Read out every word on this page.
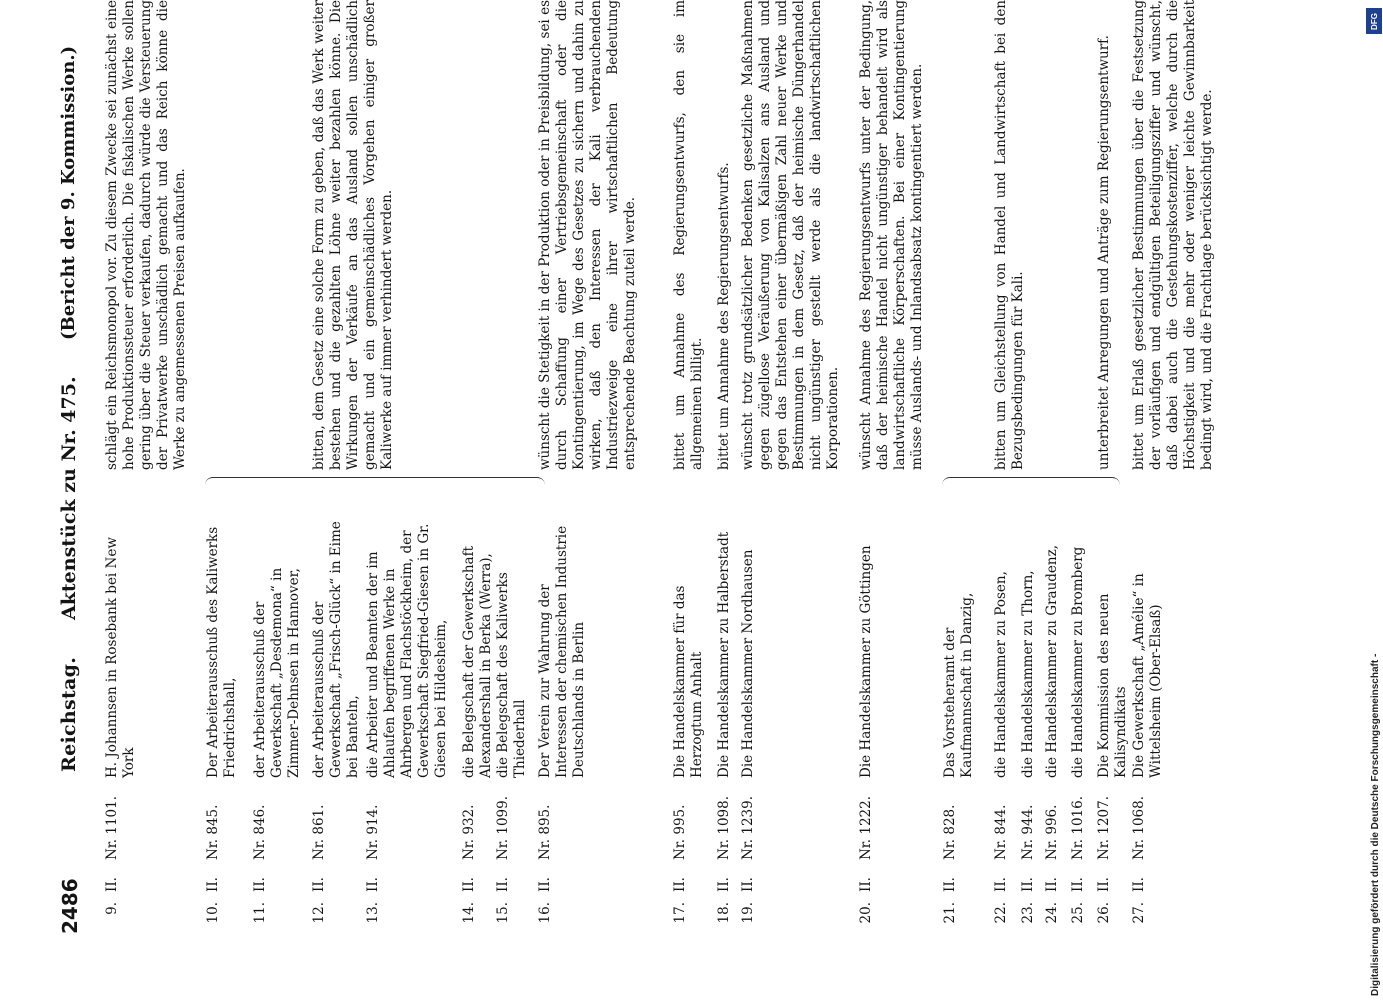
2486
Reichstag.
Aktenstück zu Nr. 475.
(Bericht der 9. Kommission.)
9.
II.
Nr. 1101.
H. Johannsen in Rosebank bei New York
schlägt ein Reichsmonopol vor. Zu diesem Zwecke sei zunächst eine hohe Produktionssteuer erforderlich. Die fiskalischen Werke sollen gering über die Steuer verkaufen, dadurch würde die Versteuerung der Privatwerke unschädlich gemacht und das Reich könne die Werke zu angemessenen Preisen aufkaufen.
10.
II.
Nr. 845.
Der Arbeiterausschuß des Kaliwerks Friedrichshall,
11.
II.
Nr. 846.
der Arbeiterausschuß der Gewerkschaft „Desdemona“ in Zimmer-Dehnsen in Hannover,
12.
II.
Nr. 861.
der Arbeiterausschuß der Gewerkschaft „Frisch-Glück“ in Eime bei Banteln,
bitten, dem Gesetz eine solche Form zu geben, daß das Werk weiter bestehen und die gezahlten Löhne weiter bezahlen könne. Die Wirkungen der Verkäufe an das Ausland sollen unschädlich gemacht und ein gemeinschädliches Vorgehen einiger großer Kaliwerke auf immer verhindert werden.
13.
II.
Nr. 914.
die Arbeiter und Beamten der im Ahlaufen begriffenen Werke in Ahrbergen und Flachstöckheim, der Gewerkschaft Siegfried-Giesen in Gr. Giesen bei Hildesheim,
14.
II.
Nr. 932.
die Belegschaft der Gewerkschaft Alexandershall in Berka (Werra),
15.
II.
Nr. 1099.
die Belegschaft des Kaliwerks Thiederhall
16.
II.
Nr. 895.
Der Verein zur Wahrung der Interessen der chemischen Industrie Deutschlands in Berlin
wünscht die Stetigkeit in der Produktion oder in Preisbildung, sei es durch Schaffung einer Vertriebsgemeinschaft oder die Kontingentierung, im Wege des Gesetzes zu sichern und dahin zu wirken, daß den Interessen der Kali verbrauchenden Industriezweige eine ihrer wirtschaftlichen Bedeutung entsprechende Beachtung zuteil werde.
17.
II.
Nr. 995.
Die Handelskammer für das Herzogtum Anhalt
bittet um Annahme des Regierungsentwurfs, den sie im allgemeinen billigt.
18.
II.
Nr. 1098.
Die Handelskammer zu Halberstadt
bittet um Annahme des Regierungsentwurfs.
19.
II.
Nr. 1239.
Die Handelskammer Nordhausen
wünscht trotz grundsätzlicher Bedenken gesetzliche Maßnahmen gegen zügellose Veräußerung von Kalisalzen ans Ausland und gegen das Entstehen einer übermäßigen Zahl neuer Werke und Bestimmungen in dem Gesetz, daß der heimische Düngerhandel nicht ungünstiger gestellt werde als die landwirtschaftlichen Korporationen.
20.
II.
Nr. 1222.
Die Handelskammer zu Göttingen
wünscht Annahme des Regierungsentwurfs unter der Bedingung, daß der heimische Handel nicht ungünstiger behandelt wird als landwirtschaftliche Körperschaften. Bei einer Kontingentierung müsse Auslands- und Inlandsabsatz kontingentiert werden.
21.
II.
Nr. 828.
Das Vorsteheramt der Kaufmannschaft in Danzig,
22.
II.
Nr. 844.
die Handelskammer zu Posen,
bitten um Gleichstellung von Handel und Landwirtschaft bei den Bezugsbedingungen für Kali.
23.
II.
Nr. 944.
die Handelskammer zu Thorn,
24.
II.
Nr. 996.
die Handelskammer zu Graudenz,
25.
II.
Nr. 1016.
die Handelskammer zu Bromberg
26.
II.
Nr. 1207.
Die Kommission des neuen Kalisyndikats
unterbreitet Anregungen und Anträge zum Regierungsentwurf.
27.
II.
Nr. 1068.
Die Gewerkschaft „Amélie“ in Wittelsheim (Ober-Elsaß)
bittet um Erlaß gesetzlicher Bestimmungen über die Festsetzung der vorläufigen und endgültigen Beteiligungsziffer und wünscht, daß dabei auch die Gestehungskostenziffer, welche durch die Höchstigkeit und die mehr oder weniger leichte Gewinnbarkeit bedingt wird, und die Frachtlage berücksichtigt werde.
DFG
Digitalisierung gefördert durch die Deutsche Forschungsgemeinschaft -
